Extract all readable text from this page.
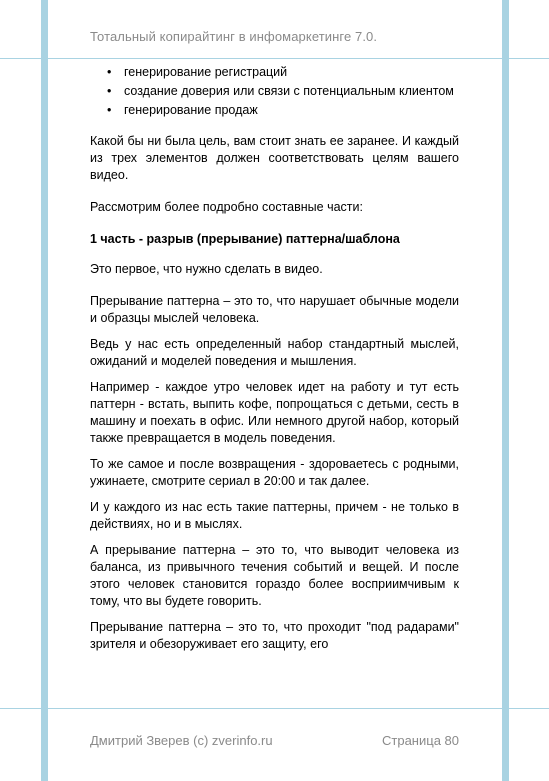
Тотальный копирайтинг в инфомаркетинге 7.0.
• генерирование регистраций
• создание доверия или связи с потенциальным клиентом
• генерирование продаж

Какой бы ни была цель, вам стоит знать ее заранее. И каждый из трех элементов должен соответствовать целям вашего видео.

Рассмотрим более подробно составные части:

1 часть - разрыв (прерывание) паттерна/шаблона

Это первое, что нужно сделать в видео.

Прерывание паттерна – это то, что нарушает обычные модели и образцы мыслей человека.

Ведь у нас есть определенный набор стандартный мыслей, ожиданий и моделей поведения и мышления.

Например - каждое утро человек идет на работу и тут есть паттерн - встать, выпить кофе, попрощаться с детьми, сесть в машину и поехать в офис. Или немного другой набор, который также превращается в модель поведения.

То же самое и после возвращения - здороваетесь с родными, ужинаете, смотрите сериал в 20:00 и так далее.

И у каждого из нас есть такие паттерны, причем - не только в действиях, но и в мыслях.

А прерывание паттерна – это то, что выводит человека из баланса, из привычного течения событий и вещей. И после этого человек становится гораздо более восприимчивым к тому, что вы будете говорить.

Прерывание паттерна – это то, что проходит "под радарами" зрителя и обезоруживает его защиту, его

Дмитрий Зверев (c) zverinfo.ru	Страница 80
